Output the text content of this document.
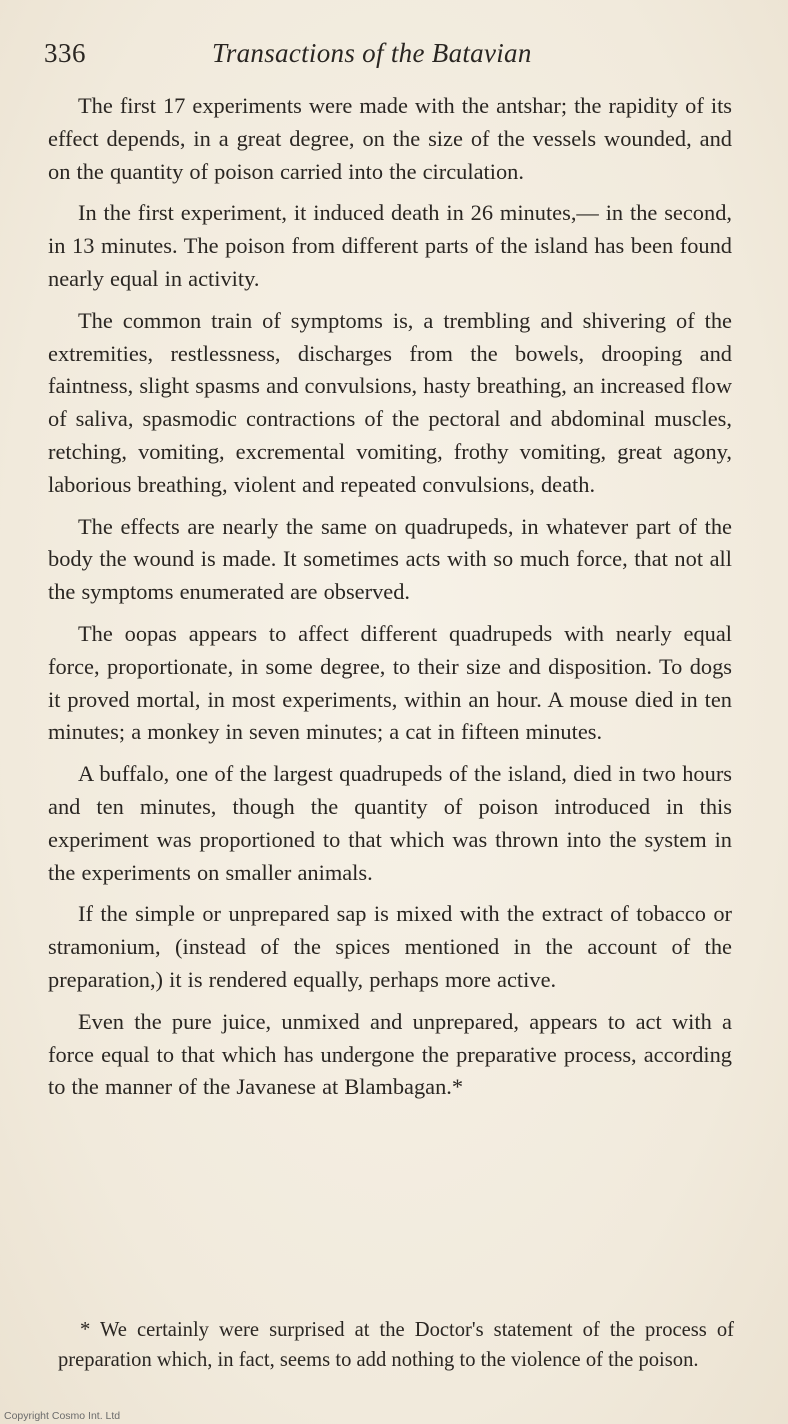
336	Transactions of the Batavian

The first 17 experiments were made with the antshar; the rapidity of its effect depends, in a great degree, on the size of the vessels wounded, and on the quantity of poison carried into the circulation.

In the first experiment, it induced death in 26 minutes,— in the second, in 13 minutes. The poison from different parts of the island has been found nearly equal in activity.

The common train of symptoms is, a trembling and shivering of the extremities, restlessness, discharges from the bowels, drooping and faintness, slight spasms and convulsions, hasty breathing, an increased flow of saliva, spasmodic contractions of the pectoral and abdominal muscles, retching, vomiting, excremental vomiting, frothy vomiting, great agony, laborious breathing, violent and repeated convulsions, death.

The effects are nearly the same on quadrupeds, in whatever part of the body the wound is made. It sometimes acts with so much force, that not all the symptoms enumerated are observed.

The oopas appears to affect different quadrupeds with nearly equal force, proportionate, in some degree, to their size and disposition. To dogs it proved mortal, in most experiments, within an hour. A mouse died in ten minutes; a monkey in seven minutes; a cat in fifteen minutes.

A buffalo, one of the largest quadrupeds of the island, died in two hours and ten minutes, though the quantity of poison introduced in this experiment was proportioned to that which was thrown into the system in the experiments on smaller animals.

If the simple or unprepared sap is mixed with the extract of tobacco or stramonium, (instead of the spices mentioned in the account of the preparation,) it is rendered equally, perhaps more active.

Even the pure juice, unmixed and unprepared, appears to act with a force equal to that which has undergone the preparative process, according to the manner of the Javanese at Blambagan.*

* We certainly were surprised at the Doctor's statement of the process of preparation which, in fact, seems to add nothing to the violence of the poison.

Copyright Cosmo Int. Ltd
